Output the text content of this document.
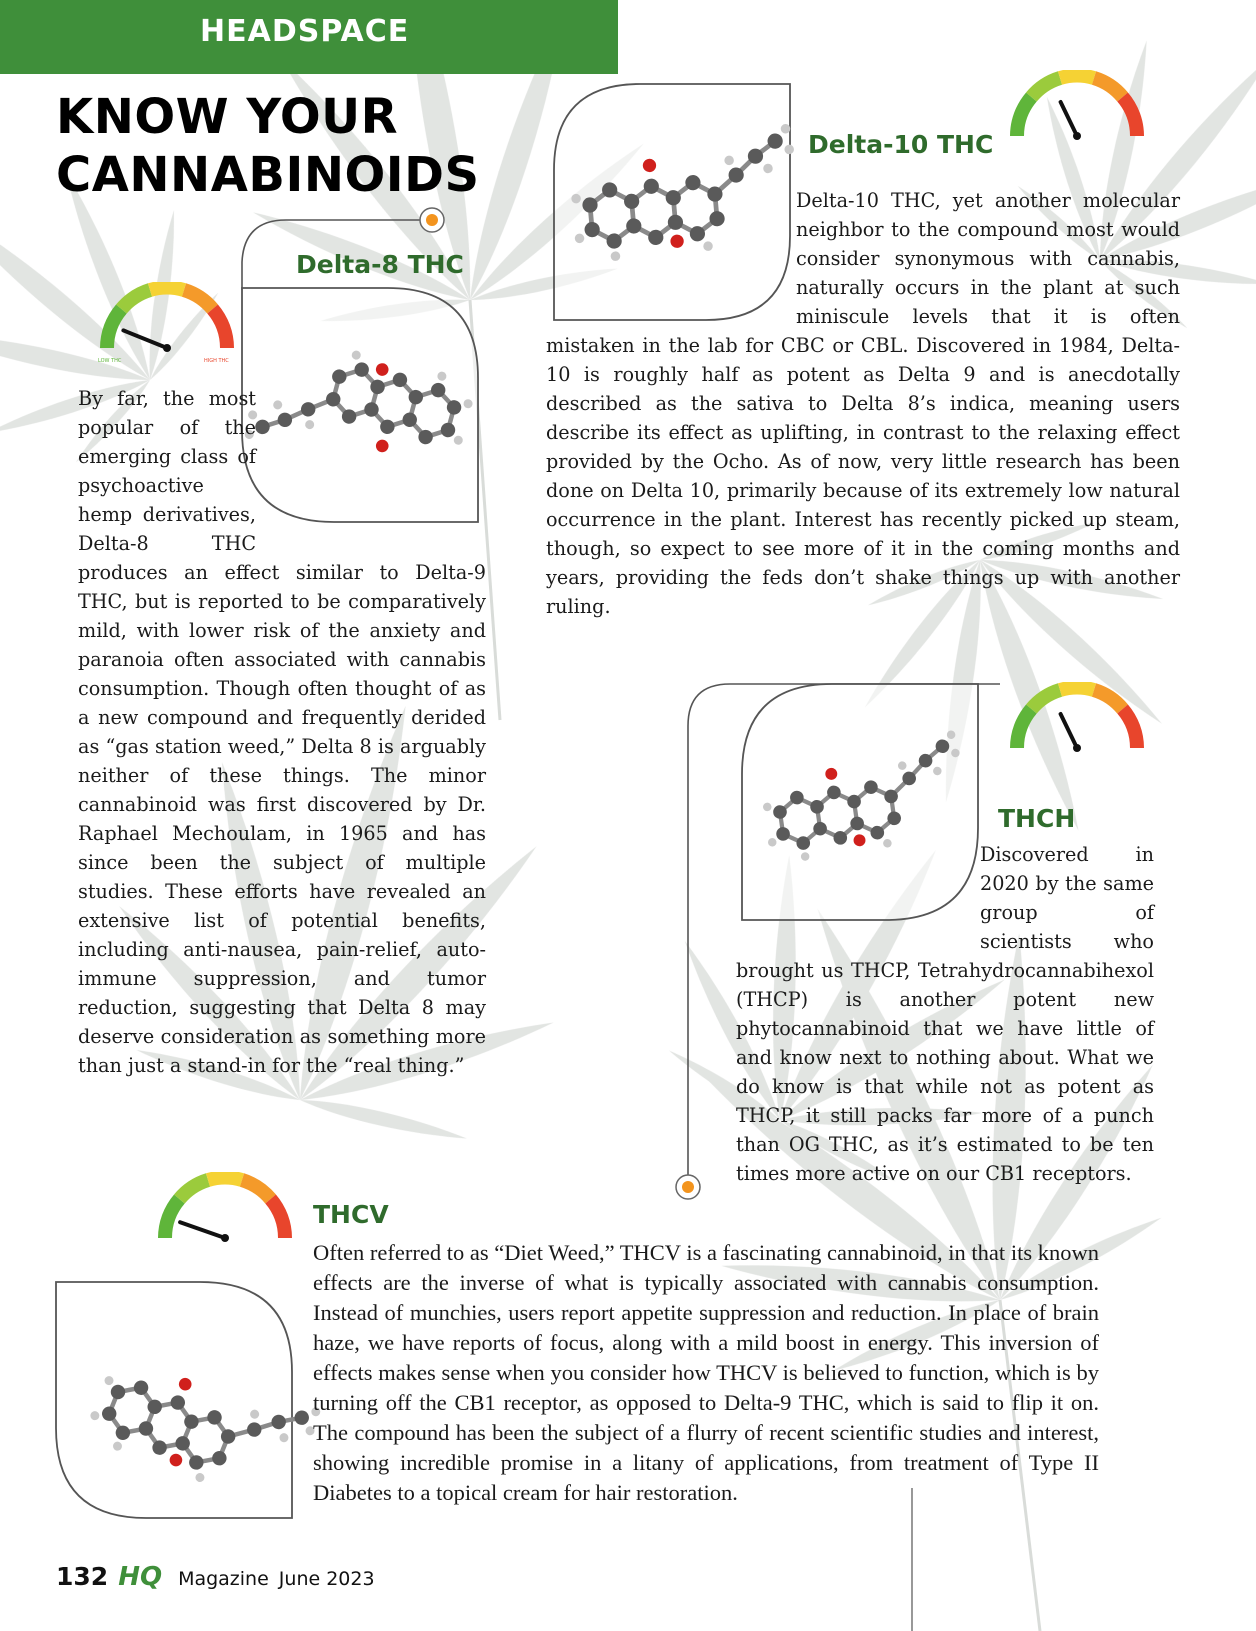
HEADSPACE
KNOW YOUR
CANNABINOIDS
LOW THC	HIGH THC
Delta-8 THC
By far, the most popular of the emerging class of psychoactive hemp derivatives, Delta-8 THC produces an effect similar to Delta-9 THC, but is reported to be comparatively mild, with lower risk of the anxiety and paranoia often associated with cannabis consumption. Though often thought of as a new compound and frequently derided as “gas station weed,” Delta 8 is arguably neither of these things. The minor cannabinoid was first discovered by Dr. Raphael Mechoulam, in 1965 and has since been the subject of multiple studies. These efforts have revealed an extensive list of potential benefits, including anti-nausea, pain-relief, auto-immune suppression, and tumor reduction, suggesting that Delta 8 may deserve consideration as something more than just a stand-in for the “real thing.”
Delta-10 THC
Delta-10 THC, yet another molecular neighbor to the compound most would consider synonymous with cannabis, naturally occurs in the plant at such miniscule levels that it is often mistaken in the lab for CBC or CBL. Discovered in 1984, Delta-10 is roughly half as potent as Delta 9 and is anecdotally described as the sativa to Delta 8’s indica, meaning users describe its effect as uplifting, in contrast to the relaxing effect provided by the Ocho. As of now, very little research has been done on Delta 10, primarily because of its extremely low natural occurrence in the plant. Interest has recently picked up steam, though, so expect to see more of it in the coming months and years, providing the feds don’t shake things up with another ruling.
THCH
Discovered in 2020 by the same group of scientists who brought us THCP, Tetrahydrocannabihexol (THCP) is another potent new phytocannabinoid that we have little of and know next to nothing about. What we do know is that while not as potent as THCP, it still packs far more of a punch than OG THC, as it’s estimated to be ten times more active on our CB1 receptors.
THCV
Often referred to as “Diet Weed,” THCV is a fascinating cannabinoid, in that its known effects are the inverse of what is typically associated with cannabis consumption. Instead of munchies, users report appetite suppression and reduction. In place of brain haze, we have reports of focus, along with a mild boost in energy. This inversion of effects makes sense when you consider how THCV is believed to function, which is by turning off the CB1 receptor, as opposed to Delta-9 THC, which is said to flip it on. The compound has been the subject of a flurry of recent scientific studies and interest, showing incredible promise in a litany of applications, from treatment of Type II Diabetes to a topical cream for hair restoration.
132 HQ Magazine June 2023
